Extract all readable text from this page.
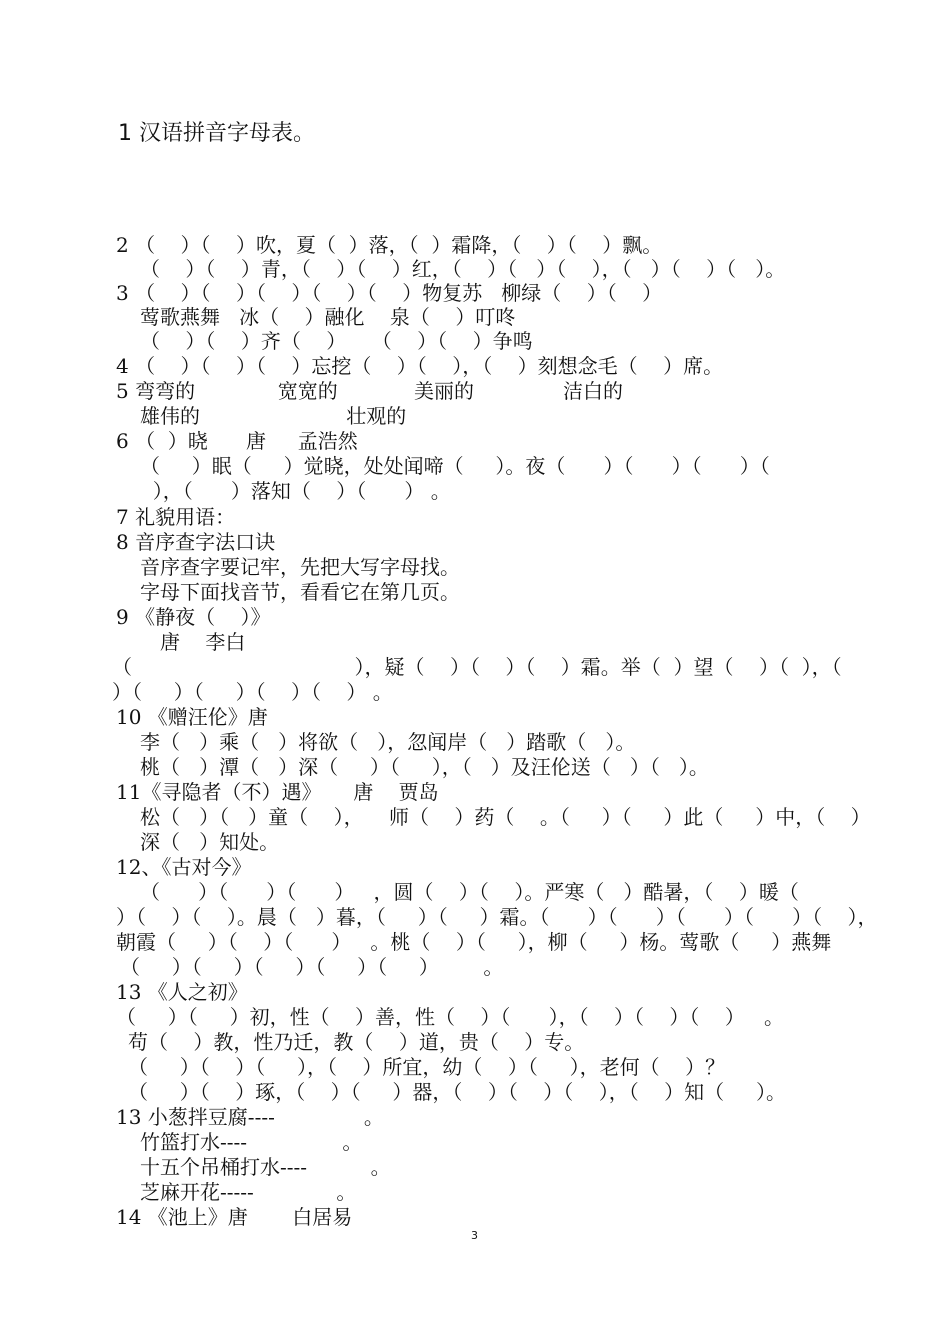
1 汉语拼音字母表。
2 （    ）（    ）吹，夏（  ）落，（  ）霜降，（    ）（    ）飘。
（    ）（    ）青，（    ）（    ）红，（    ）（   ）（    ），（   ）（    ）（   ）。
3 （    ）（    ）（    ）（    ）（    ）物复苏   柳绿（    ）（    ）
莺歌燕舞   冰（    ）融化    泉（    ）叮咚
（    ）（    ）齐（    ）    （    ）（    ）争鸣
4 （    ）（    ）（    ）忘挖（    ）（    ），（    ）刻想念毛（    ）席。
5 弯弯的             宽宽的            美丽的              洁白的
雄伟的                       壮观的
6 （  ）晓      唐     孟浩然
（     ）眠（     ）觉晓，处处闻啼（     ）。夜（      ）（      ）（      ）（
），（      ）落知（    ）（      ） 。
7 礼貌用语：
8 音序查字法口诀
音序查字要记牢，先把大写字母找。
字母下面找音节，看看它在第几页。
9 《静夜（    ）》
唐    李白
（                                   ），疑（    ）（    ）（    ）霜。举（  ）望（    ）（  ），（
）（     ）（     ）（    ）（    ） 。
10 《赠汪伦》唐
李（   ）乘（   ）将欲（   ），忽闻岸（   ）踏歌（   ）。
桃（   ）潭（   ）深（     ）（     ），（   ）及汪伦送（   ）（   ）。
11《寻隐者（不）遇》     唐    贾岛
松（   ）（   ）童（    ），    师（    ）药（    。（     ）（     ）此（     ）中，（    ）
深（   ）知处。
12、《古对今》
（      ）（      ）（      ）   ，圆（    ）（    ）。严寒（   ）酷暑，（    ）暖（
）（    ）（    ）。晨（   ）暮，（     ）（     ）霜。（      ）（      ）（      ）（      ）（    ），
朝霞（     ）（    ）（      ）   。桃（    ）（     ），柳（     ）杨。莺歌（     ）燕舞
（     ）（     ）（     ）（     ）（     ）       。
13 《人之初》
（     ）（     ）初，性（    ）善，性（    ）（      ），（    ）（    ）（    ）   。
苟（    ）教，性乃迁，教（    ）道，贵（    ）专。
（     ）（    ）（     ），（    ）所宜，幼（    ）（     ），老何（    ）？
（     ）（    ）琢，（    ）（     ）器，（    ）（    ）（    ），（    ）知（     ）。
13 小葱拌豆腐----              。
竹篮打水----               。
十五个吊桶打水----          。
芝麻开花-----             。
14 《池上》唐       白居易
3
